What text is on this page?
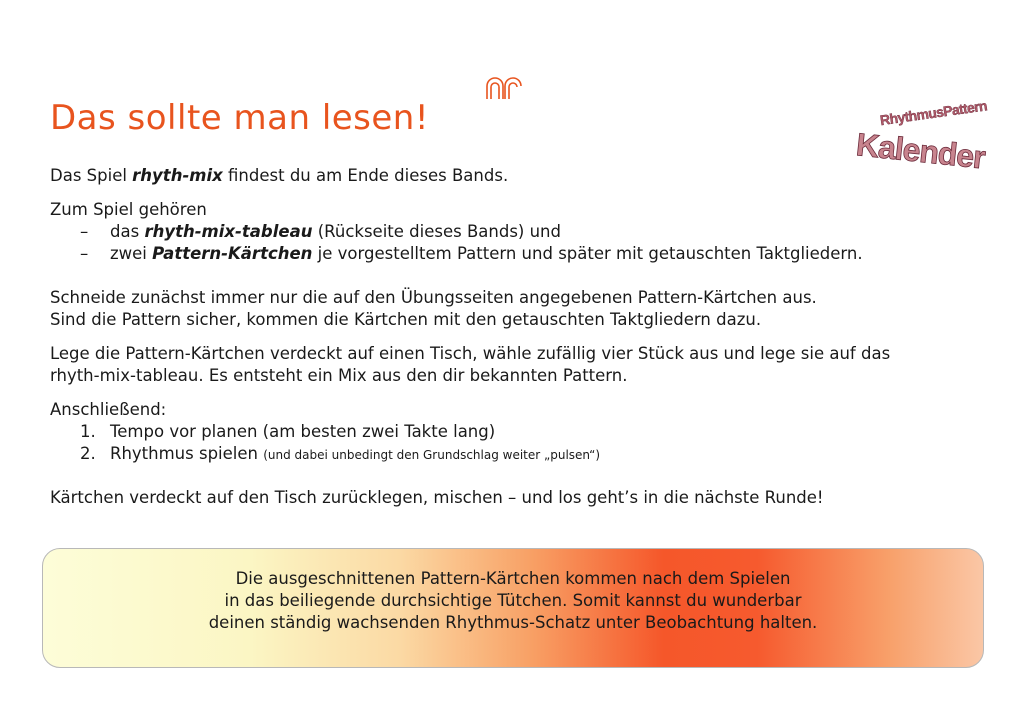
Das sollte man lesen!	RhythmusPattern
Kalender
Das Spiel rhyth-mix findest du am Ende dieses Bands.
Zum Spiel gehören
– das rhyth-mix-tableau (Rückseite dieses Bands) und
– zwei Pattern-Kärtchen je vorgestelltem Pattern und später mit getauschten Taktgliedern.
Schneide zunächst immer nur die auf den Übungsseiten angegebenen Pattern-Kärtchen aus.
Sind die Pattern sicher, kommen die Kärtchen mit den getauschten Taktgliedern dazu.
Lege die Pattern-Kärtchen verdeckt auf einen Tisch, wähle zufällig vier Stück aus und lege sie auf das
rhyth-mix-tableau. Es entsteht ein Mix aus den dir bekannten Pattern.
Anschließend:
1. Tempo vor planen (am besten zwei Takte lang)
2. Rhythmus spielen (und dabei unbedingt den Grundschlag weiter „pulsen“)
Kärtchen verdeckt auf den Tisch zurücklegen, mischen – und los geht’s in die nächste Runde!
Die ausgeschnittenen Pattern-Kärtchen kommen nach dem Spielen
in das beiliegende durchsichtige Tütchen. Somit kannst du wunderbar
deinen ständig wachsenden Rhythmus-Schatz unter Beobachtung halten.
